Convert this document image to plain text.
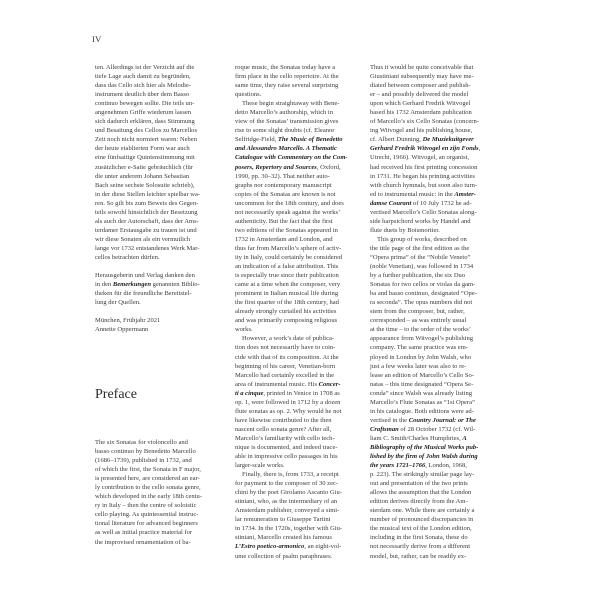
IV
ten. Allerdings ist der Verzicht auf die
tiefe Lage auch damit zu begründen,
dass das Cello sich hier als Melodie-
instrument deutlich über dem Basso
continuo bewegen sollte. Die teils un-
angenehmen Griffe wiederum lassen
sich dadurch erklären, dass Stimmung
und Besaitung des Cellos zu Marcellos
Zeit noch nicht normiert waren: Neben
der heute etablierten Form war auch
eine fünfsaitige Quintenstimmung mit
zusätzlicher e-Saite gebräuchlich (für
die unter anderem Johann Sebastian
Bach seine sechste Solosuite schrieb),
in der diese Stellen leichter spielbar wa-
ren. So gilt bis zum Beweis des Gegen-
teils sowohl hinsichtlich der Besetzung
als auch der Autorschaft, dass der Ams-
terdamer Erstausgabe zu trauen ist und
wir diese Sonaten als ein vermutlich
lange vor 1732 entstandenes Werk Mar-
cellos betrachten dürfen.
Herausgeberin und Verlag danken den
in den Bemerkungen genannten Biblio-
theken für die freundliche Bereitstel-
lung der Quellen.
München, Frühjahr 2021
Annette Oppermann
Preface
The six Sonatas for violoncello and
basso continuo by Benedetto Marcello
(1686–1739), published in 1732, and
of which the first, the Sonata in F major,
is presented here, are considered an ear-
ly contribution to the cello sonata genre,
which developed in the early 18th centu-
ry in Italy – then the centre of soloistic
cello playing. As quintessential instruc-
tional literature for advanced beginners
as well as initial practice material for
the improvised ornamentation of ba-
roque music, the Sonatas today have a
firm place in the cello repertoire. At the
same time, they raise several surprising
questions.
These begin straightaway with Bene-
detto Marcello’s authorship, which in
view of the Sonatas’ transmission gives
rise to some slight doubts (cf. Eleanor
Selfridge-Field, The Music of Benedetto
and Alessandro Marcello. A Thematic
Catalogue with Commentary on the Com-
posers, Repertory and Sources, Oxford,
1990, pp. 30–32). That neither auto-
graphs nor contemporary manuscript
copies of the Sonatas are known is not
uncommon for the 18th century, and does
not necessarily speak against the works’
authenticity. But the fact that the first
two editions of the Sonatas appeared in
1732 in Amsterdam and London, and
thus far from Marcello’s sphere of activ-
ity in Italy, could certainly be considered
an indication of a false attribution. This
is especially true since their publication
came at a time when the composer, very
prominent in Italian musical life during
the first quarter of the 18th century, had
already strongly curtailed his activities
and was primarily composing religious
works.
However, a work’s date of publica-
tion does not necessarily have to coin-
cide with that of its composition. At the
beginning of his career, Venetian-born
Marcello had certainly excelled in the
area of instrumental music. His Concer-
ti a cinque, printed in Venice in 1708 as
op. 1, were followed in 1712 by a dozen
flute sonatas as op. 2. Why would he not
have likewise contributed to the then
nascent cello sonata genre? After all,
Marcello’s familiarity with cello tech-
nique is documented, and indeed trace-
able in impressive cello passages in his
larger-scale works.
Finally, there is, from 1733, a receipt
for payment to the composer of 30 zec-
chini by the poet Girolamo Ascanio Giu-
stiniani, who, as the intermediary of an
Amsterdam publisher, conveyed a simi-
lar remuneration to Giuseppe Tartini
in 1734. In the 1720s, together with Giu-
stiniani, Marcello created his famous
L’Estro poetico-armonico, an eight-vol-
ume collection of psalm paraphrases.
Thus it would be quite conceivable that
Giustiniani subsequently may have me-
diated between composer and publish-
er – and possibly delivered the model
upon which Gerhard Fredrik Witvogel
based his 1732 Amsterdam publication
of Marcello’s six Cello Sonatas (concern-
ing Witvogel and his publishing house,
cf. Albert Dunning, De Muziekuitgever
Gerhard Fredrik Witvogel en zijn Fonds,
Utrecht, 1966). Witvogel, an organist,
had received his first printing concession
in 1731. He began his printing activities
with church hymnals, but soon also turn-
ed to instrumental music: in the Amster-
damse Courant of 10 July 1732 he ad-
vertised Marcello’s Cello Sonatas along-
side harpsichord works by Handel and
flute duets by Boismortier.
This group of works, described on
the title page of the first edition as the
“Opera prima” of the “Nobile Veneto”
(noble Venetian), was followed in 1734
by a further publication, the six Duo
Sonatas for two cellos or violas da gam-
ba and basso continuo, designated “Ope-
ra seconda”. The opus numbers did not
stem from the composer, but, rather,
corresponded – as was entirely usual
at the time – to the order of the works’
appearance from Witvogel’s publishing
company. The same practice was em-
ployed in London by John Walsh, who
just a few weeks later was also to re-
lease an edition of Marcello’s Cello So-
natas – this time designated “Opera Se-
conda” since Walsh was already listing
Marcello’s Flute Sonatas as “1st Opera”
in his catalogue. Both editions were ad-
vertised in the Country Journal: or The
Craftsman of 28 October 1732 (cf. Wil-
liam C. Smith/Charles Humphries, A
Bibliography of the Musical Works pub-
lished by the firm of John Walsh during
the years 1721–1766, London, 1968,
p. 223). The strikingly similar page lay-
out and presentation of the two prints
allows the assumption that the London
edition derives directly from the Am-
sterdam one. While there are certainly a
number of pronounced discrepancies in
the musical text of the London edition,
including in the first Sonata, these do
not necessarily derive from a different
model, but, rather, can be readily ex-
